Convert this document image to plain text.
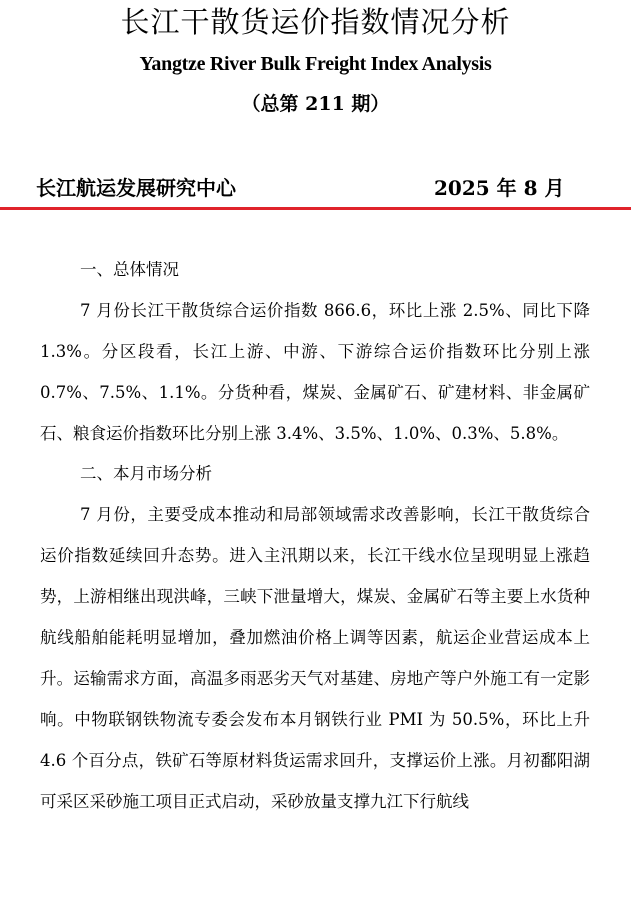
长江干散货运价指数情况分析
Yangtze River Bulk Freight Index Analysis
（总第 211 期）
长江航运发展研究中心	2025 年 8 月

一、总体情况

7 月份长江干散货综合运价指数 866.6，环比上涨 2.5%、同比下降 1.3%。分区段看，长江上游、中游、下游综合运价指数环比分别上涨 0.7%、7.5%、1.1%。分货种看，煤炭、金属矿石、矿建材料、非金属矿石、粮食运价指数环比分别上涨 3.4%、3.5%、1.0%、0.3%、5.8%。

二、本月市场分析

7 月份，主要受成本推动和局部领域需求改善影响，长江干散货综合运价指数延续回升态势。进入主汛期以来，长江干线水位呈现明显上涨趋势，上游相继出现洪峰，三峡下泄量增大，煤炭、金属矿石等主要上水货种航线船舶能耗明显增加，叠加燃油价格上调等因素，航运企业营运成本上升。运输需求方面，高温多雨恶劣天气对基建、房地产等户外施工有一定影响。中物联钢铁物流专委会发布本月钢铁行业 PMI 为 50.5%，环比上升 4.6 个百分点，铁矿石等原材料货运需求回升，支撑运价上涨。月初鄱阳湖可采区采砂施工项目正式启动，采砂放量支撑九江下行航线
